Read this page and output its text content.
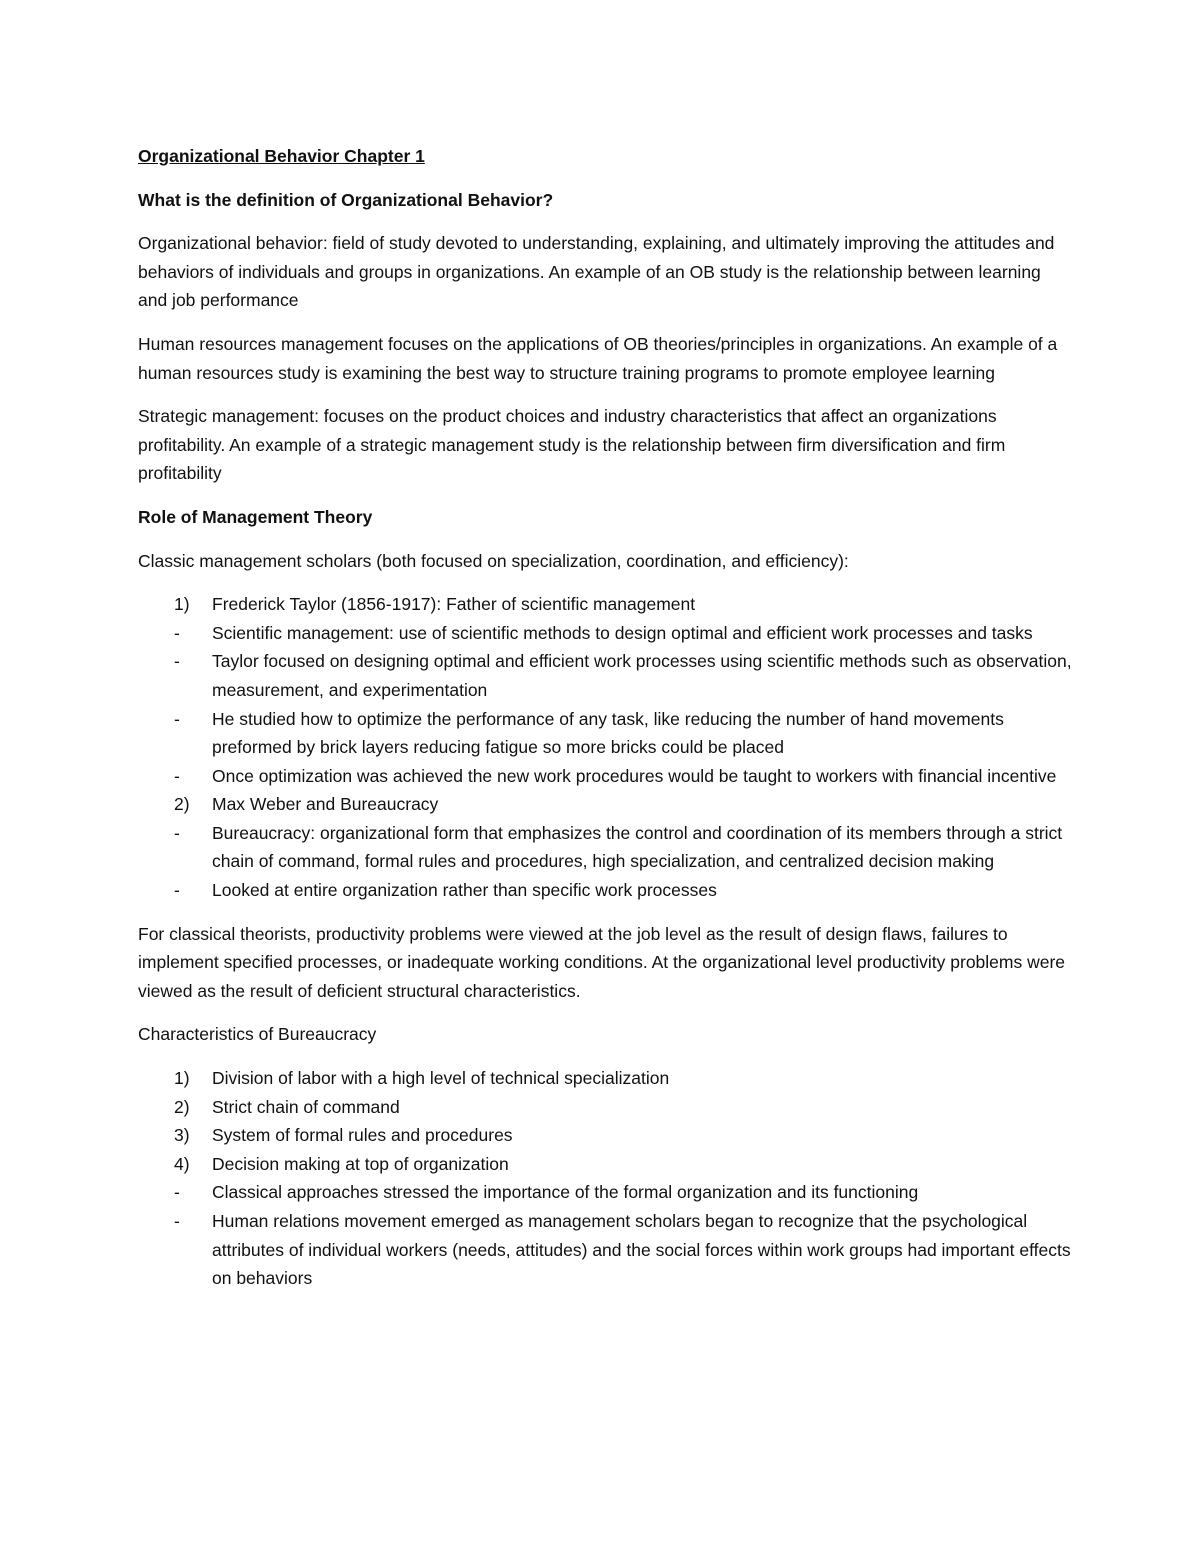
Organizational Behavior Chapter 1

What is the definition of Organizational Behavior?

Organizational behavior: field of study devoted to understanding, explaining, and ultimately improving the attitudes and behaviors of individuals and groups in organizations. An example of an OB study is the relationship between learning and job performance

Human resources management focuses on the applications of OB theories/principles in organizations. An example of a human resources study is examining the best way to structure training programs to promote employee learning

Strategic management: focuses on the product choices and industry characteristics that affect an organizations profitability. An example of a strategic management study is the relationship between firm diversification and firm profitability

Role of Management Theory

Classic management scholars (both focused on specialization, coordination, and efficiency):

1) Frederick Taylor (1856-1917): Father of scientific management
- Scientific management: use of scientific methods to design optimal and efficient work processes and tasks
- Taylor focused on designing optimal and efficient work processes using scientific methods such as observation, measurement, and experimentation
- He studied how to optimize the performance of any task, like reducing the number of hand movements preformed by brick layers reducing fatigue so more bricks could be placed
- Once optimization was achieved the new work procedures would be taught to workers with financial incentive
2) Max Weber and Bureaucracy
- Bureaucracy: organizational form that emphasizes the control and coordination of its members through a strict chain of command, formal rules and procedures, high specialization, and centralized decision making
- Looked at entire organization rather than specific work processes

For classical theorists, productivity problems were viewed at the job level as the result of design flaws, failures to implement specified processes, or inadequate working conditions. At the organizational level productivity problems were viewed as the result of deficient structural characteristics.

Characteristics of Bureaucracy

1) Division of labor with a high level of technical specialization
2) Strict chain of command
3) System of formal rules and procedures
4) Decision making at top of organization
- Classical approaches stressed the importance of the formal organization and its functioning
- Human relations movement emerged as management scholars began to recognize that the psychological attributes of individual workers (needs, attitudes) and the social forces within work groups had important effects on behaviors
